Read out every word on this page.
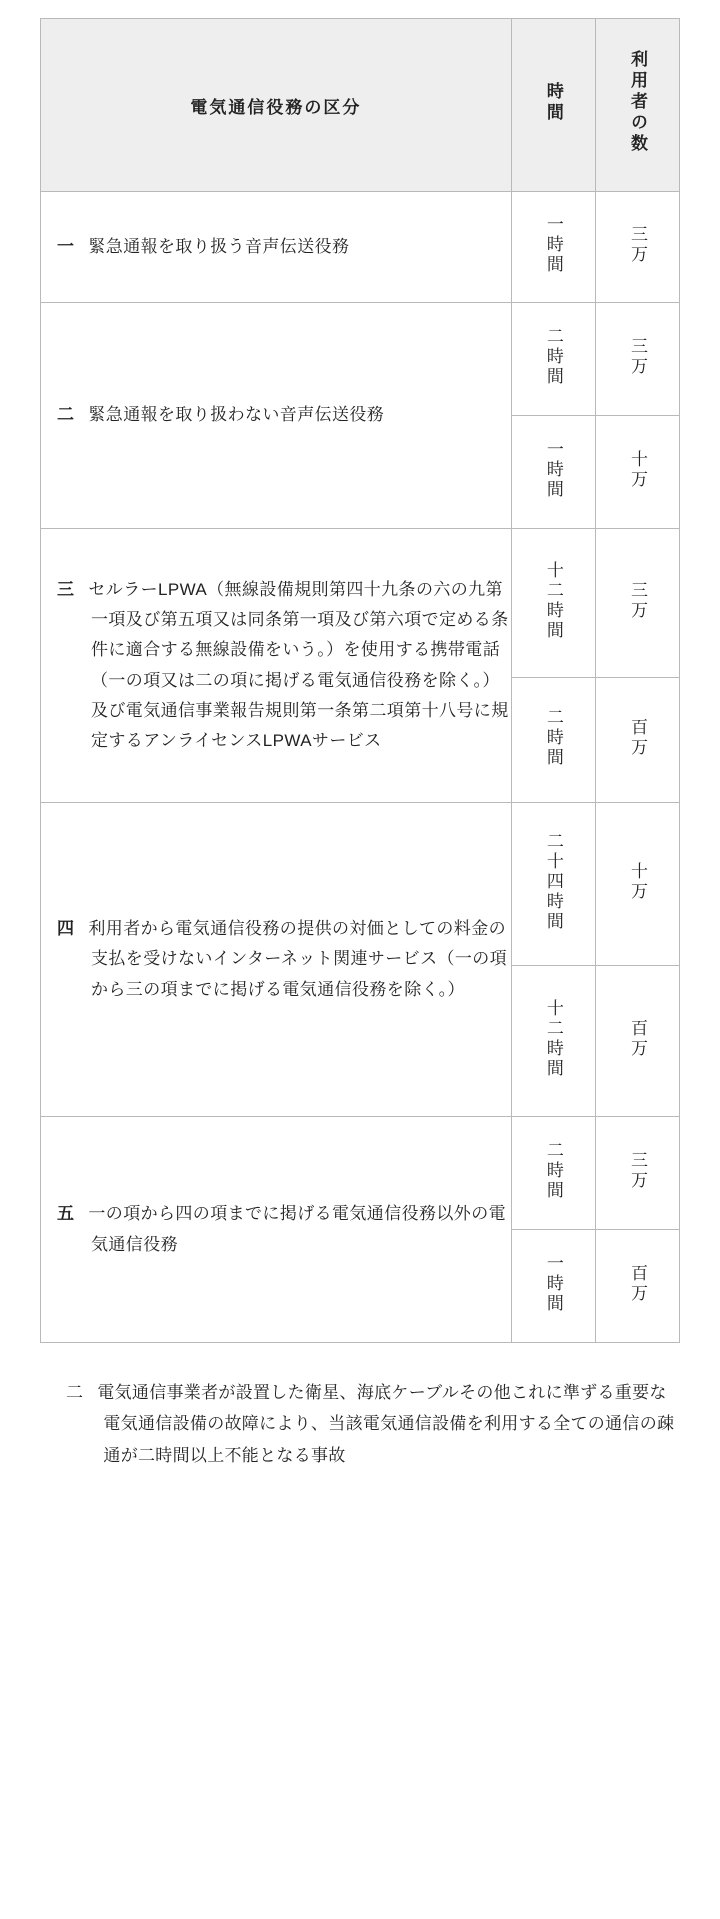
電気通信役務の区分	時間	利用者の数

一 緊急通報を取り扱う音声伝送役務	一時間	三万

二 緊急通報を取り扱わない音声伝送役務	二時間	三万
	一時間	十万

三 セルラーLPWA（無線設備規則第四十九条の六の九第一項及び第五項又は同条第一項及び第六項で定める条件に適合する無線設備をいう。）を使用する携帯電話（一の項又は二の項に掲げる電気通信役務を除く。）及び電気通信事業報告規則第一条第二項第十八号に規定するアンライセンスLPWAサービス	十二時間	三万
	二時間	百万

四 利用者から電気通信役務の提供の対価としての料金の支払を受けないインターネット関連サービス（一の項から三の項までに掲げる電気通信役務を除く。）	二十四時間	十万
	十二時間	百万

五 一の項から四の項までに掲げる電気通信役務以外の電気通信役務	二時間	三万
	一時間	百万
二 電気通信事業者が設置した衛星、海底ケーブルその他これに準ずる重要な電気通信設備の故障により、当該電気通信設備を利用する全ての通信の疎通が二時間以上不能となる事故
